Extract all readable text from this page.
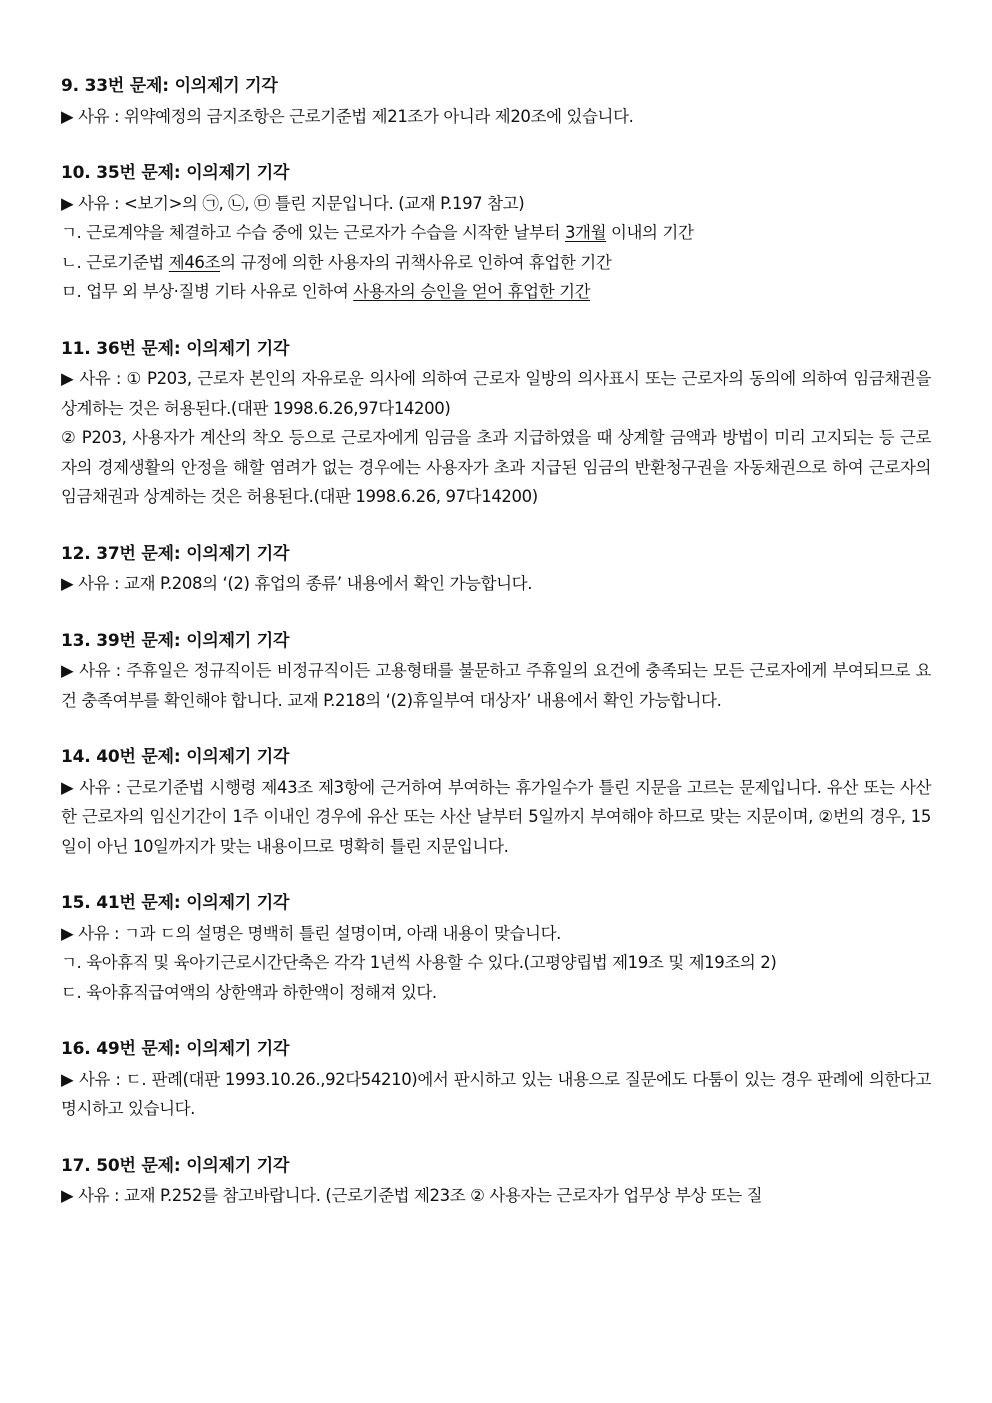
9. 33번 문제: 이의제기 기각

▶ 사유 : 위약예정의 금지조항은 근로기준법 제21조가 아니라 제20조에 있습니다.

10. 35번 문제: 이의제기 기각

▶ 사유 : <보기>의 ㉠, ㉡, ㉤ 틀린 지문입니다. (교재 P.197 참고)

ㄱ. 근로계약을 체결하고 수습 중에 있는 근로자가 수습을 시작한 날부터 3개월 이내의 기간

ㄴ. 근로기준법 제46조의 규정에 의한 사용자의 귀책사유로 인하여 휴업한 기간

ㅁ. 업무 외 부상·질병 기타 사유로 인하여 사용자의 승인을 얻어 휴업한 기간

11. 36번 문제: 이의제기 기각

▶ 사유 : ① P203, 근로자 본인의 자유로운 의사에 의하여 근로자 일방의 의사표시 또는 근로자의 동의에 의하여 임금채권을 상계하는 것은 허용된다.(대판 1998.6.26,97다14200)

② P203, 사용자가 계산의 착오 등으로 근로자에게 임금을 초과 지급하였을 때 상계할 금액과 방법이 미리 고지되는 등 근로자의 경제생활의 안정을 해할 염려가 없는 경우에는 사용자가 초과 지급된 임금의 반환청구권을 자동채권으로 하여 근로자의 임금채권과 상계하는 것은 허용된다.(대판 1998.6.26, 97다14200)

12. 37번 문제: 이의제기 기각

▶ 사유 : 교재 P.208의 ‘(2) 휴업의 종류’ 내용에서 확인 가능합니다.

13. 39번 문제: 이의제기 기각

▶ 사유 : 주휴일은 정규직이든 비정규직이든 고용형태를 불문하고 주휴일의 요건에 충족되는 모든 근로자에게 부여되므로 요건 충족여부를 확인해야 합니다. 교재 P.218의 ‘(2)휴일부여 대상자’ 내용에서 확인 가능합니다.

14. 40번 문제: 이의제기 기각

▶ 사유 : 근로기준법 시행령 제43조 제3항에 근거하여 부여하는 휴가일수가 틀린 지문을 고르는 문제입니다. 유산 또는 사산한 근로자의 임신기간이 1주 이내인 경우에 유산 또는 사산 날부터 5일까지 부여해야 하므로 맞는 지문이며, ②번의 경우, 15일이 아닌 10일까지가 맞는 내용이므로 명확히 틀린 지문입니다.

15. 41번 문제: 이의제기 기각

▶ 사유 : ㄱ과 ㄷ의 설명은 명백히 틀린 설명이며, 아래 내용이 맞습니다.

ㄱ. 육아휴직 및 육아기근로시간단축은 각각 1년씩 사용할 수 있다.(고평양립법 제19조 및 제19조의 2)

ㄷ. 육아휴직급여액의 상한액과 하한액이 정해져 있다.

16. 49번 문제: 이의제기 기각

▶ 사유 : ㄷ. 판례(대판 1993.10.26.,92다54210)에서 판시하고 있는 내용으로 질문에도 다툼이 있는 경우 판례에 의한다고 명시하고 있습니다.

17. 50번 문제: 이의제기 기각

▶ 사유 : 교재 P.252를 참고바랍니다. (근로기준법 제23조 ② 사용자는 근로자가 업무상 부상 또는 질
